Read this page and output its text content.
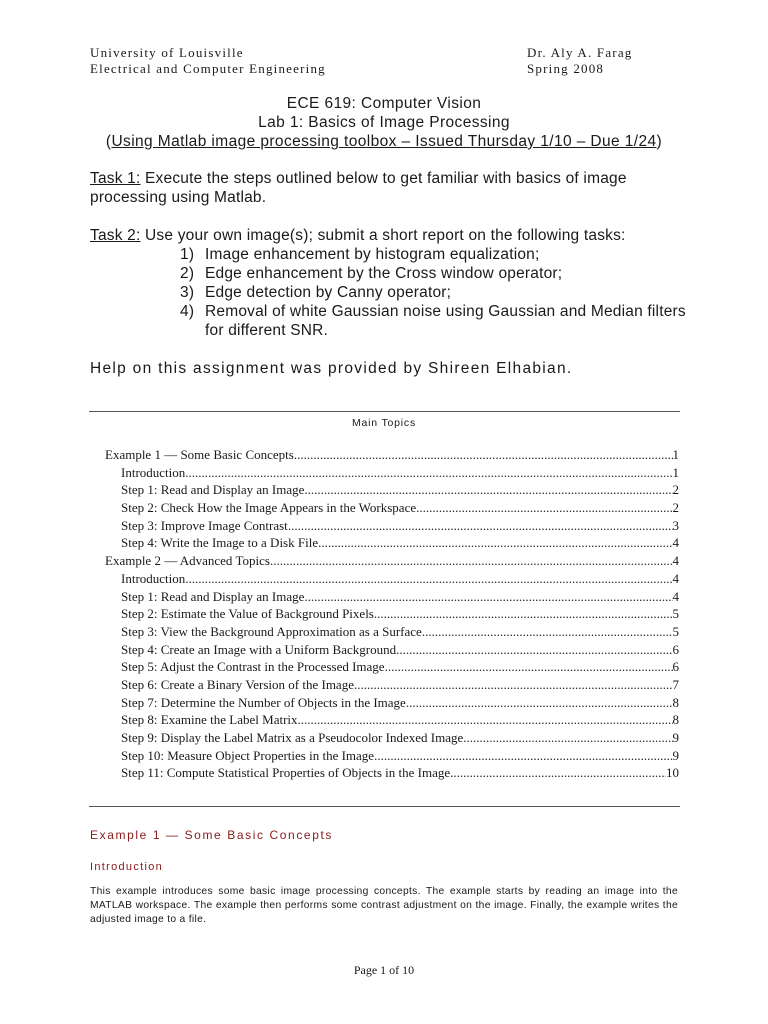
University of Louisville
Electrical and Computer Engineering
Dr. Aly A. Farag
Spring 2008
ECE 619: Computer Vision
Lab 1: Basics of Image Processing
(Using Matlab image processing toolbox – Issued Thursday 1/10 – Due 1/24)

Task 1: Execute the steps outlined below to get familiar with basics of image processing using Matlab.

Task 2: Use your own image(s); submit a short report on the following tasks:

1) Image enhancement by histogram equalization;
2) Edge enhancement by the Cross window operator;
3) Edge detection by Canny operator;
4) Removal of white Gaussian noise using Gaussian and Median filters for different SNR.

Help on this assignment was provided by Shireen Elhabian.

Main Topics
Example 1 — Some Basic Concepts .....	1
Introduction .....	1
Step 1: Read and Display an Image .....	2
Step 2: Check How the Image Appears in the Workspace .....	2
Step 3: Improve Image Contrast .....	3
Step 4: Write the Image to a Disk File .....	4
Example 2 — Advanced Topics .....	4
Introduction .....	4
Step 1: Read and Display an Image .....	4
Step 2: Estimate the Value of Background Pixels .....	5
Step 3: View the Background Approximation as a Surface .....	5
Step 4: Create an Image with a Uniform Background .....	6
Step 5: Adjust the Contrast in the Processed Image .....	6
Step 6: Create a Binary Version of the Image .....	7
Step 7: Determine the Number of Objects in the Image .....	8
Step 8: Examine the Label Matrix .....	8
Step 9: Display the Label Matrix as a Pseudocolor Indexed Image .....	9
Step 10: Measure Object Properties in the Image .....	9
Step 11: Compute Statistical Properties of Objects in the Image .....	10
Example 1 — Some Basic Concepts
Introduction
This example introduces some basic image processing concepts. The example starts by reading an image into the MATLAB workspace. The example then performs some contrast adjustment on the image. Finally, the example writes the adjusted image to a file.
Page 1 of 10
